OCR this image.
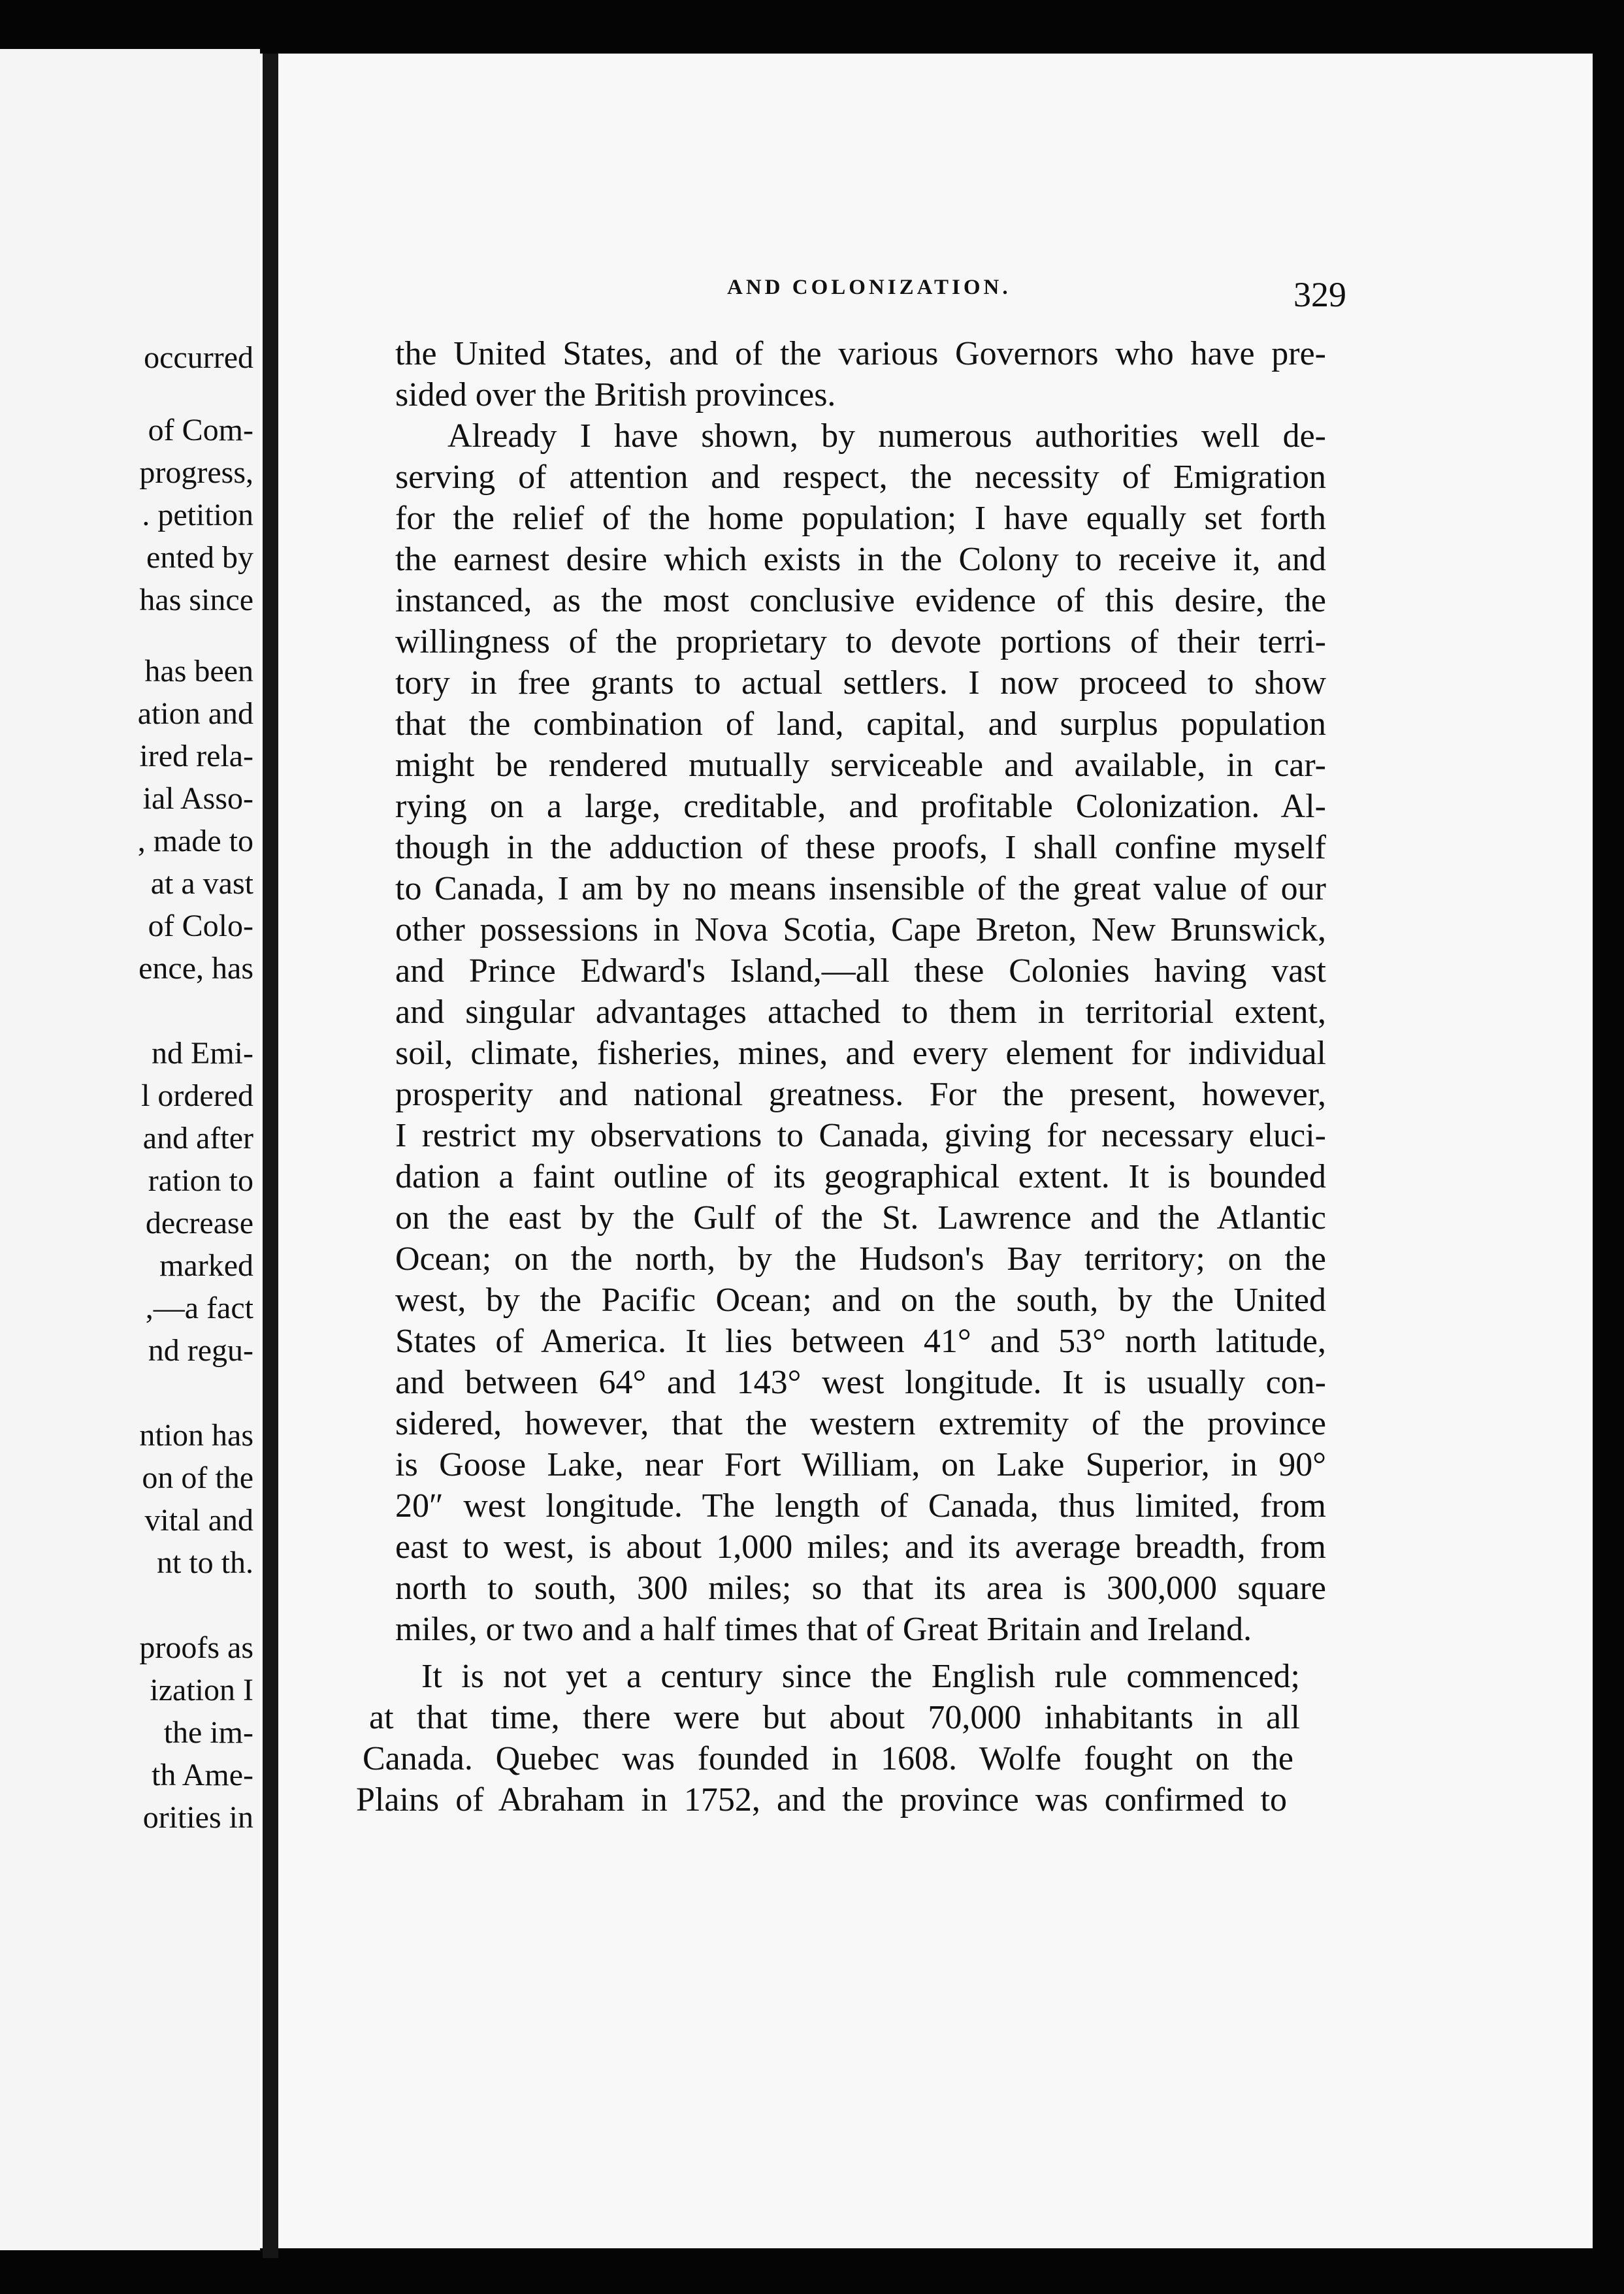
occurred
of Com-
progress,
. petition
ented by
has since
has been
ation and
ired rela-
ial Asso-
, made to
at a vast
of Colo-
ence, has
nd Emi-
l ordered
and after
ration to
decrease
marked
,—a fact
nd regu-
ntion has
on of the
vital and
nt to th.
proofs as
ization I
the im-
th Ame-
orities in
AND COLONIZATION.	329
the United States, and of the various Governors who have pre-
sided over the British provinces.
Already I have shown, by numerous authorities well de-
serving of attention and respect, the necessity of Emigration
for the relief of the home population; I have equally set forth
the earnest desire which exists in the Colony to receive it, and
instanced, as the most conclusive evidence of this desire, the
willingness of the proprietary to devote portions of their terri-
tory in free grants to actual settlers. I now proceed to show
that the combination of land, capital, and surplus population
might be rendered mutually serviceable and available, in car-
rying on a large, creditable, and profitable Colonization. Al-
though in the adduction of these proofs, I shall confine myself
to Canada, I am by no means insensible of the great value of our
other possessions in Nova Scotia, Cape Breton, New Brunswick,
and Prince Edward's Island,—all these Colonies having vast
and singular advantages attached to them in territorial extent,
soil, climate, fisheries, mines, and every element for individual
prosperity and national greatness. For the present, however,
I restrict my observations to Canada, giving for necessary eluci-
dation a faint outline of its geographical extent. It is bounded
on the east by the Gulf of the St. Lawrence and the Atlantic
Ocean; on the north, by the Hudson's Bay territory; on the
west, by the Pacific Ocean; and on the south, by the United
States of America. It lies between 41° and 53° north latitude,
and between 64° and 143° west longitude. It is usually con-
sidered, however, that the western extremity of the province
is Goose Lake, near Fort William, on Lake Superior, in 90°
20″ west longitude. The length of Canada, thus limited, from
east to west, is about 1,000 miles; and its average breadth, from
north to south, 300 miles; so that its area is 300,000 square
miles, or two and a half times that of Great Britain and Ireland.
It is not yet a century since the English rule commenced;
at that time, there were but about 70,000 inhabitants in all
Canada. Quebec was founded in 1608. Wolfe fought on the
Plains of Abraham in 1752, and the province was confirmed to
